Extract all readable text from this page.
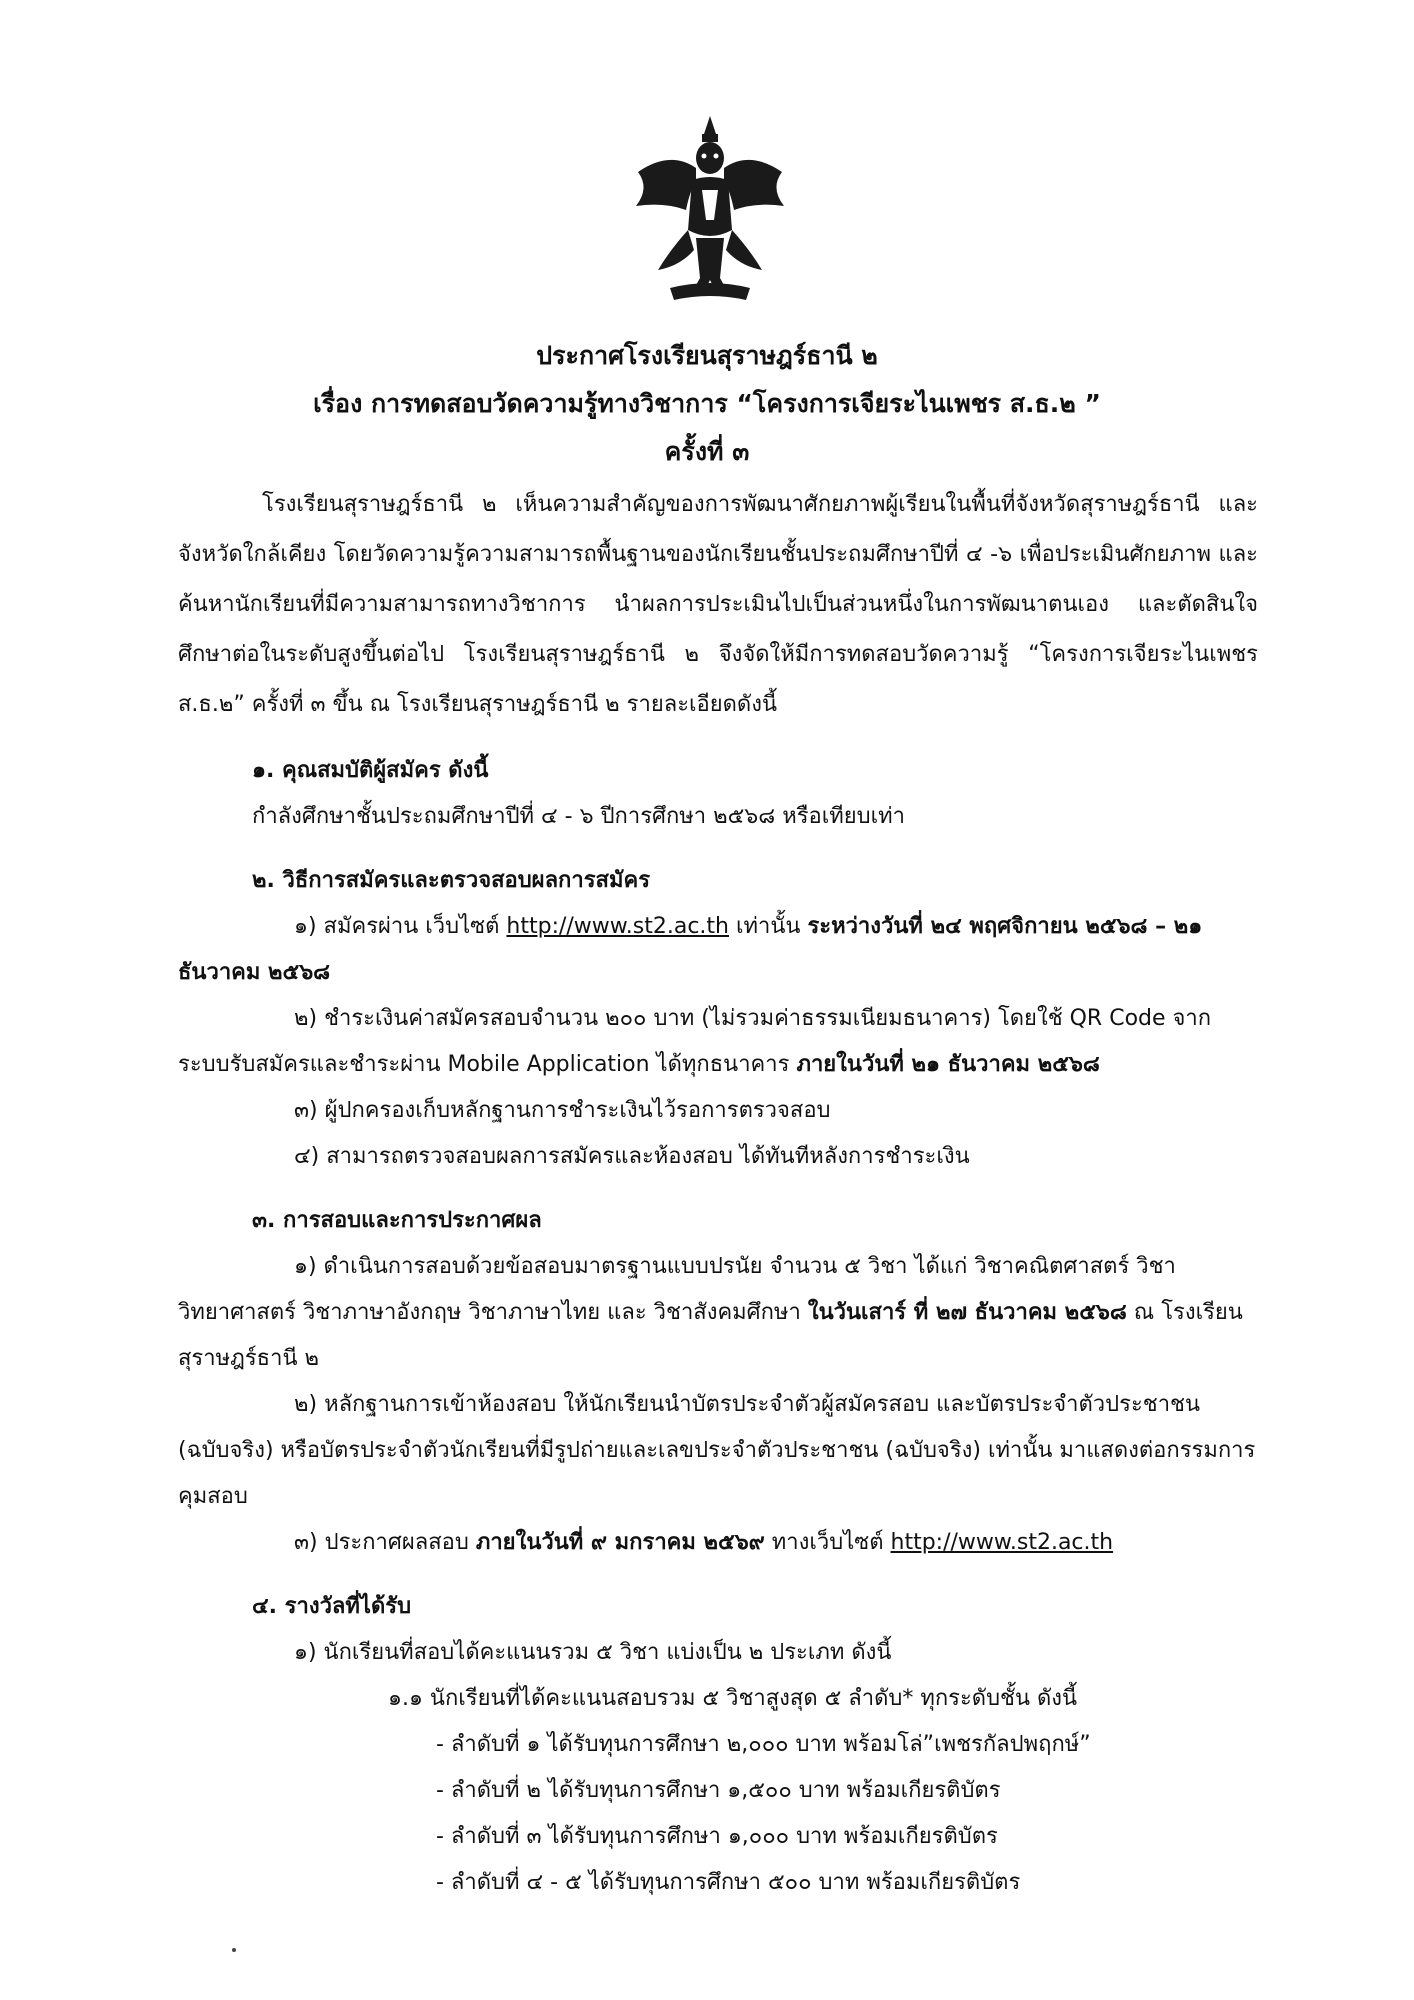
ประกาศโรงเรียนสุราษฎร์ธานี ๒
เรื่อง การทดสอบวัดความรู้ทางวิชาการ “โครงการเจียระไนเพชร ส.ธ.๒ ”
ครั้งที่ ๓

โรงเรียนสุราษฎร์ธานี ๒ เห็นความสำคัญของการพัฒนาศักยภาพผู้เรียนในพื้นที่จังหวัดสุราษฎร์ธานี และจังหวัดใกล้เคียง โดยวัดความรู้ความสามารถพื้นฐานของนักเรียนชั้นประถมศึกษาปีที่ ๔ -๖ เพื่อประเมินศักยภาพ และค้นหานักเรียนที่มีความสามารถทางวิชาการ นำผลการประเมินไปเป็นส่วนหนึ่งในการพัฒนาตนเอง และตัดสินใจศึกษาต่อในระดับสูงขึ้นต่อไป โรงเรียนสุราษฎร์ธานี ๒ จึงจัดให้มีการทดสอบวัดความรู้ “โครงการเจียระไนเพชร ส.ธ.๒” ครั้งที่ ๓ ขึ้น ณ โรงเรียนสุราษฎร์ธานี ๒ รายละเอียดดังนี้

๑. คุณสมบัติผู้สมัคร ดังนี้

กำลังศึกษาชั้นประถมศึกษาปีที่ ๔ - ๖ ปีการศึกษา ๒๕๖๘ หรือเทียบเท่า

๒. วิธีการสมัครและตรวจสอบผลการสมัคร

๑) สมัครผ่าน เว็บไซต์ http://www.st2.ac.th เท่านั้น ระหว่างวันที่ ๒๔ พฤศจิกายน ๒๕๖๘ – ๒๑ ธันวาคม ๒๕๖๘

๒) ชำระเงินค่าสมัครสอบจำนวน ๒๐๐ บาท (ไม่รวมค่าธรรมเนียมธนาคาร) โดยใช้ QR Code จากระบบรับสมัครและชำระผ่าน Mobile Application ได้ทุกธนาคาร ภายในวันที่ ๒๑ ธันวาคม ๒๕๖๘

๓) ผู้ปกครองเก็บหลักฐานการชำระเงินไว้รอการตรวจสอบ

๔) สามารถตรวจสอบผลการสมัครและห้องสอบ ได้ทันทีหลังการชำระเงิน

๓. การสอบและการประกาศผล

๑) ดำเนินการสอบด้วยข้อสอบมาตรฐานแบบปรนัย จำนวน ๕ วิชา ได้แก่ วิชาคณิตศาสตร์ วิชาวิทยาศาสตร์ วิชาภาษาอังกฤษ วิชาภาษาไทย และ วิชาสังคมศึกษา ในวันเสาร์ ที่ ๒๗ ธันวาคม ๒๕๖๘ ณ โรงเรียนสุราษฎร์ธานี ๒

๒) หลักฐานการเข้าห้องสอบ ให้นักเรียนนำบัตรประจำตัวผู้สมัครสอบ และบัตรประจำตัวประชาชน (ฉบับจริง) หรือบัตรประจำตัวนักเรียนที่มีรูปถ่ายและเลขประจำตัวประชาชน (ฉบับจริง) เท่านั้น มาแสดงต่อกรรมการคุมสอบ

๓) ประกาศผลสอบ ภายในวันที่ ๙ มกราคม ๒๕๖๙ ทางเว็บไซต์ http://www.st2.ac.th

๔. รางวัลที่ได้รับ

๑) นักเรียนที่สอบได้คะแนนรวม ๕ วิชา แบ่งเป็น ๒ ประเภท ดังนี้

๑.๑ นักเรียนที่ได้คะแนนสอบรวม ๕ วิชาสูงสุด ๕ ลำดับ* ทุกระดับชั้น ดังนี้

- ลำดับที่ ๑ ได้รับทุนการศึกษา ๒,๐๐๐ บาท พร้อมโล่”เพชรกัลปพฤกษ์”

- ลำดับที่ ๒ ได้รับทุนการศึกษา ๑,๕๐๐ บาท พร้อมเกียรติบัตร

- ลำดับที่ ๓ ได้รับทุนการศึกษา ๑,๐๐๐ บาท พร้อมเกียรติบัตร

- ลำดับที่ ๔ - ๕ ได้รับทุนการศึกษา ๕๐๐ บาท พร้อมเกียรติบัตร
